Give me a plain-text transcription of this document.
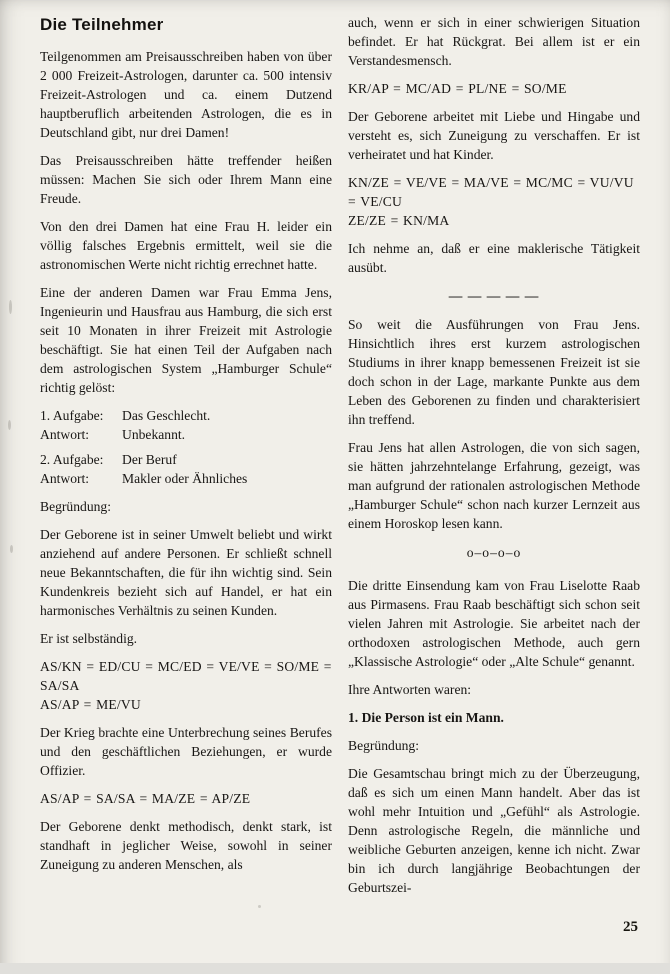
Die Teilnehmer

Teilgenommen am Preisausschreiben haben von über 2 000 Freizeit-Astrologen, darunter ca. 500 intensiv Freizeit-Astrologen und ca. einem Dutzend hauptberuflich arbeitenden Astrologen, die es in Deutschland gibt, nur drei Damen!

Das Preisausschreiben hätte treffender heißen müssen: Machen Sie sich oder Ihrem Mann eine Freude.

Von den drei Damen hat eine Frau H. leider ein völlig falsches Ergebnis ermittelt, weil sie die astronomischen Werte nicht richtig errechnet hatte.

Eine der anderen Damen war Frau Emma Jens, Ingenieurin und Hausfrau aus Hamburg, die sich erst seit 10 Monaten in ihrer Freizeit mit Astrologie beschäftigt. Sie hat einen Teil der Aufgaben nach dem astrologischen System „Hamburger Schule“ richtig gelöst:

1. Aufgabe:	Das Geschlecht.
Antwort:	Unbekannt.
2. Aufgabe:	Der Beruf
Antwort:	Makler oder Ähnliches

Begründung:

Der Geborene ist in seiner Umwelt beliebt und wirkt anziehend auf andere Personen. Er schließt schnell neue Bekanntschaften, die für ihn wichtig sind. Sein Kundenkreis bezieht sich auf Handel, er hat ein harmonisches Verhältnis zu seinen Kunden.

Er ist selbständig.

AS/KN = ED/CU = MC/ED = VE/VE = SO/ME = SA/SA
AS/AP = ME/VU

Der Krieg brachte eine Unterbrechung seines Berufes und den geschäftlichen Beziehungen, er wurde Offizier.

AS/AP = SA/SA = MA/ZE = AP/ZE

Der Geborene denkt methodisch, denkt stark, ist standhaft in jeglicher Weise, sowohl in seiner Zuneigung zu anderen Menschen, als

auch, wenn er sich in einer schwierigen Situation befindet. Er hat Rückgrat. Bei allem ist er ein Verstandesmensch.

KR/AP = MC/AD = PL/NE = SO/ME

Der Geborene arbeitet mit Liebe und Hingabe und versteht es, sich Zuneigung zu verschaffen. Er ist verheiratet und hat Kinder.

KN/ZE = VE/VE = MA/VE = MC/MC = VU/VU = VE/CU
ZE/ZE = KN/MA

Ich nehme an, daß er eine maklerische Tätigkeit ausübt.

— — — — —

So weit die Ausführungen von Frau Jens. Hinsichtlich ihres erst kurzem astrologischen Studiums in ihrer knapp bemessenen Freizeit ist sie doch schon in der Lage, markante Punkte aus dem Leben des Geborenen zu finden und charakterisiert ihn treffend.

Frau Jens hat allen Astrologen, die von sich sagen, sie hätten jahrzehntelange Erfahrung, gezeigt, was man aufgrund der rationalen astrologischen Methode „Hamburger Schule“ schon nach kurzer Lernzeit aus einem Horoskop lesen kann.

o–o–o–o

Die dritte Einsendung kam von Frau Liselotte Raab aus Pirmasens. Frau Raab beschäftigt sich schon seit vielen Jahren mit Astrologie. Sie arbeitet nach der orthodoxen astrologischen Methode, auch gern „Klassische Astrologie“ oder „Alte Schule“ genannt.

Ihre Antworten waren:

1. Die Person ist ein Mann.

Begründung:

Die Gesamtschau bringt mich zu der Überzeugung, daß es sich um einen Mann handelt. Aber das ist wohl mehr Intuition und „Gefühl“ als Astrologie. Denn astrologische Regeln, die männliche und weibliche Geburten anzeigen, kenne ich nicht. Zwar bin ich durch langjährige Beobachtungen der Geburtszei-

25
